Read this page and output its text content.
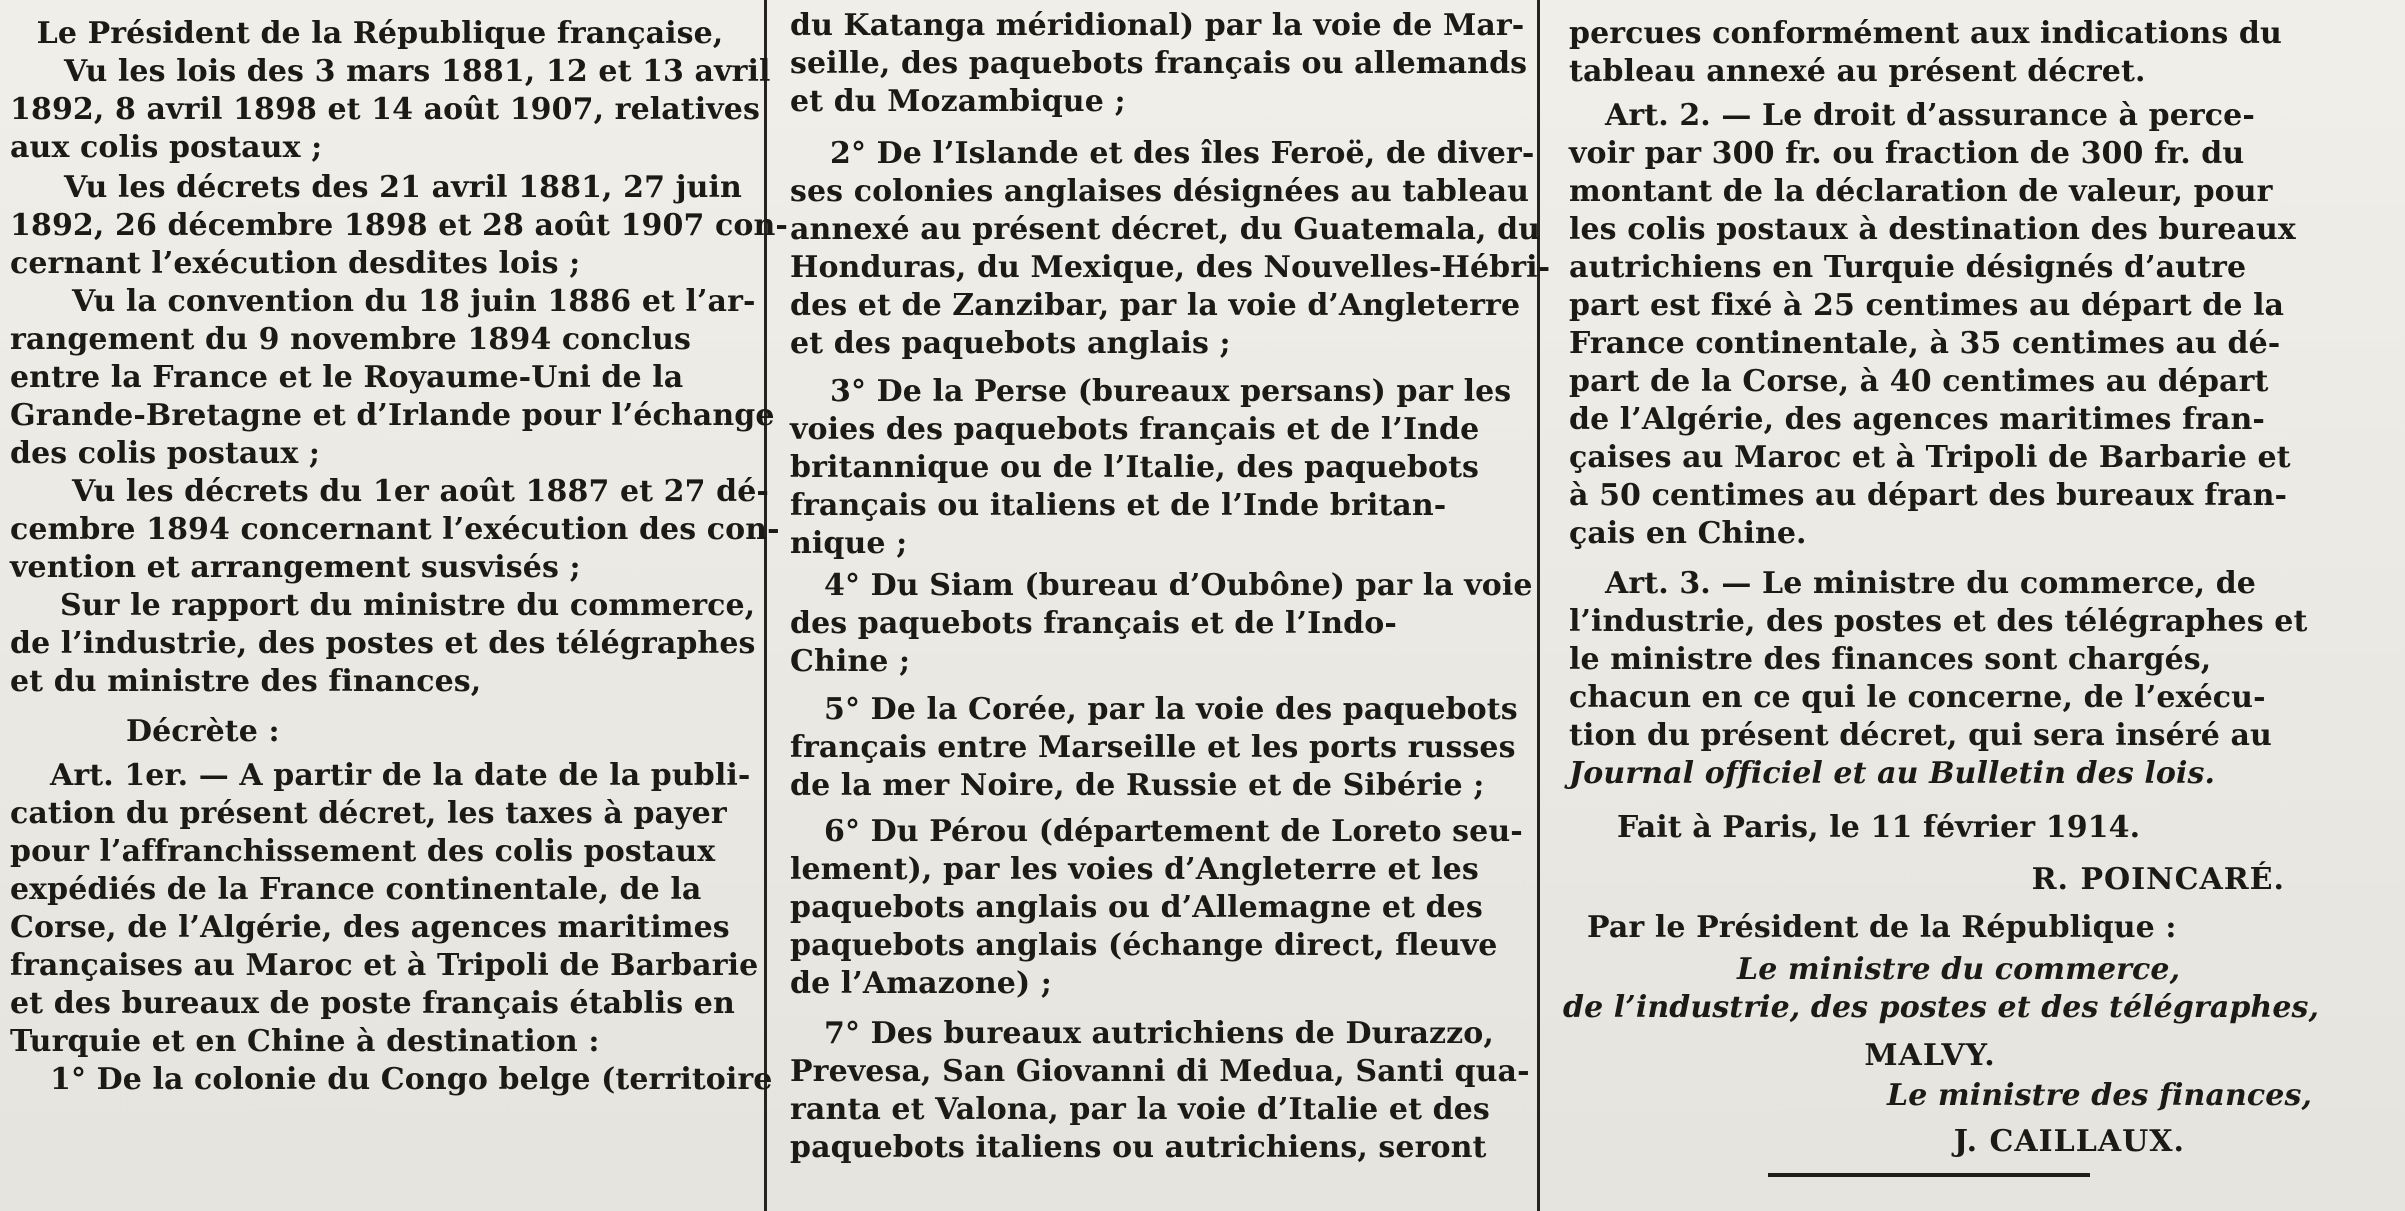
Le Président de la République française,
Vu les lois des 3 mars 1881, 12 et 13 avril
1892, 8 avril 1898 et 14 août 1907, relatives
aux colis postaux ;
Vu les décrets des 21 avril 1881, 27 juin
1892, 26 décembre 1898 et 28 août 1907 con-
cernant l’exécution desdites lois ;
Vu la convention du 18 juin 1886 et l’ar-
rangement du 9 novembre 1894 conclus
entre la France et le Royaume-Uni de la
Grande-Bretagne et d’Irlande pour l’échange
des colis postaux ;
Vu les décrets du 1er août 1887 et 27 dé-
cembre 1894 concernant l’exécution des con-
vention et arrangement susvisés ;
Sur le rapport du ministre du commerce,
de l’industrie, des postes et des télégraphes
et du ministre des finances,
Décrète :
Art. 1er. — A partir de la date de la publi-
cation du présent décret, les taxes à payer
pour l’affranchissement des colis postaux
expédiés de la France continentale, de la
Corse, de l’Algérie, des agences maritimes
françaises au Maroc et à Tripoli de Barbarie
et des bureaux de poste français établis en
Turquie et en Chine à destination :
1° De la colonie du Congo belge (territoire
du Katanga méridional) par la voie de Mar-
seille, des paquebots français ou allemands
et du Mozambique ;
2° De l’Islande et des îles Feroë, de diver-
ses colonies anglaises désignées au tableau
annexé au présent décret, du Guatemala, du
Honduras, du Mexique, des Nouvelles-Hébri-
des et de Zanzibar, par la voie d’Angleterre
et des paquebots anglais ;
3° De la Perse (bureaux persans) par les
voies des paquebots français et de l’Inde
britannique ou de l’Italie, des paquebots
français ou italiens et de l’Inde britan-
nique ;
4° Du Siam (bureau d’Oubône) par la voie
des paquebots français et de l’Indo-
Chine ;
5° De la Corée, par la voie des paquebots
français entre Marseille et les ports russes
de la mer Noire, de Russie et de Sibérie ;
6° Du Pérou (département de Loreto seu-
lement), par les voies d’Angleterre et les
paquebots anglais ou d’Allemagne et des
paquebots anglais (échange direct, fleuve
de l’Amazone) ;
7° Des bureaux autrichiens de Durazzo,
Prevesa, San Giovanni di Medua, Santi qua-
ranta et Valona, par la voie d’Italie et des
paquebots italiens ou autrichiens, seront
percues conformément aux indications du
tableau annexé au présent décret.
Art. 2. — Le droit d’assurance à perce-
voir par 300 fr. ou fraction de 300 fr. du
montant de la déclaration de valeur, pour
les colis postaux à destination des bureaux
autrichiens en Turquie désignés d’autre
part est fixé à 25 centimes au départ de la
France continentale, à 35 centimes au dé-
part de la Corse, à 40 centimes au départ
de l’Algérie, des agences maritimes fran-
çaises au Maroc et à Tripoli de Barbarie et
à 50 centimes au départ des bureaux fran-
çais en Chine.
Art. 3. — Le ministre du commerce, de
l’industrie, des postes et des télégraphes et
le ministre des finances sont chargés,
chacun en ce qui le concerne, de l’exécu-
tion du présent décret, qui sera inséré au
Journal officiel et au Bulletin des lois.
Fait à Paris, le 11 février 1914.
R. POINCARÉ.
Par le Président de la République :
Le ministre du commerce,
de l’industrie, des postes et des télégraphes,
MALVY.
Le ministre des finances,
J. CAILLAUX.
